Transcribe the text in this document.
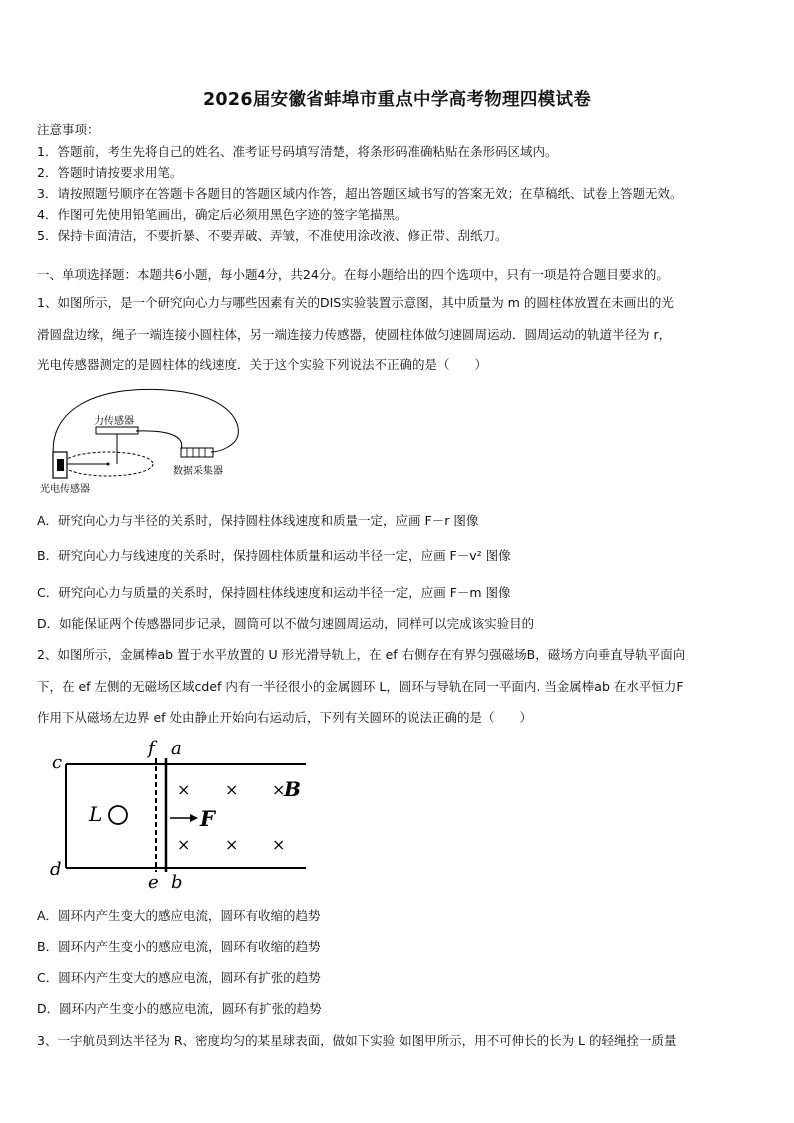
2026届安徽省蚌埠市重点中学高考物理四模试卷
注意事项：
1．答题前，考生先将自己的姓名、准考证号码填写清楚，将条形码准确粘贴在条形码区域内。
2．答题时请按要求用笔。
3．请按照题号顺序在答题卡各题目的答题区域内作答，超出答题区域书写的答案无效；在草稿纸、试卷上答题无效。
4．作图可先使用铅笔画出，确定后必须用黑色字迹的签字笔描黑。
5．保持卡面清洁，不要折暴、不要弄破、弄皱，不准使用涂改液、修正带、刮纸刀。
一、单项选择题：本题共6小题，每小题4分，共24分。在每小题给出的四个选项中，只有一项是符合题目要求的。
1、如图所示，是一个研究向心力与哪些因素有关的DIS实验装置示意图，其中质量为 m 的圆柱体放置在未画出的光
滑圆盘边缘，绳子一端连接小圆柱体，另一端连接力传感器，使圆柱体做匀速圆周运动．圆周运动的轨道半径为 r，
光电传感器测定的是圆柱体的线速度．关于这个实验下列说法不正确的是（　　）
力传感器
数据采集器
光电传感器
A．研究向心力与半径的关系时，保持圆柱体线速度和质量一定，应画 F－r 图像
B．研究向心力与线速度的关系时，保持圆柱体质量和运动半径一定，应画 F－v² 图像
C．研究向心力与质量的关系时，保持圆柱体线速度和运动半径一定，应画 F－m 图像
D．如能保证两个传感器同步记录，圆筒可以不做匀速圆周运动，同样可以完成该实验目的
2、如图所示，金属棒ab 置于水平放置的 U 形光滑导轨上，在 ef 右侧存在有界匀强磁场B，磁场方向垂直导轨平面向
下，在 ef 左侧的无磁场区域cdef 内有一半径很小的金属圆环 L，圆环与导轨在同一平面内. 当金属棒ab 在水平恒力F
作用下从磁场左边界 ef 处由静止开始向右运动后，下列有关圆环的说法正确的是（　　）
c
d
f a
e b
L	F
× × ×
B
× × ×
A．圆环内产生变大的感应电流，圆环有收缩的趋势
B．圆环内产生变小的感应电流，圆环有收缩的趋势
C．圆环内产生变大的感应电流，圆环有扩张的趋势
D．圆环内产生变小的感应电流，圆环有扩张的趋势
3、一宇航员到达半径为 R、密度均匀的某星球表面，做如下实验 如图甲所示，用不可伸长的长为 L 的轻绳拴一质量
